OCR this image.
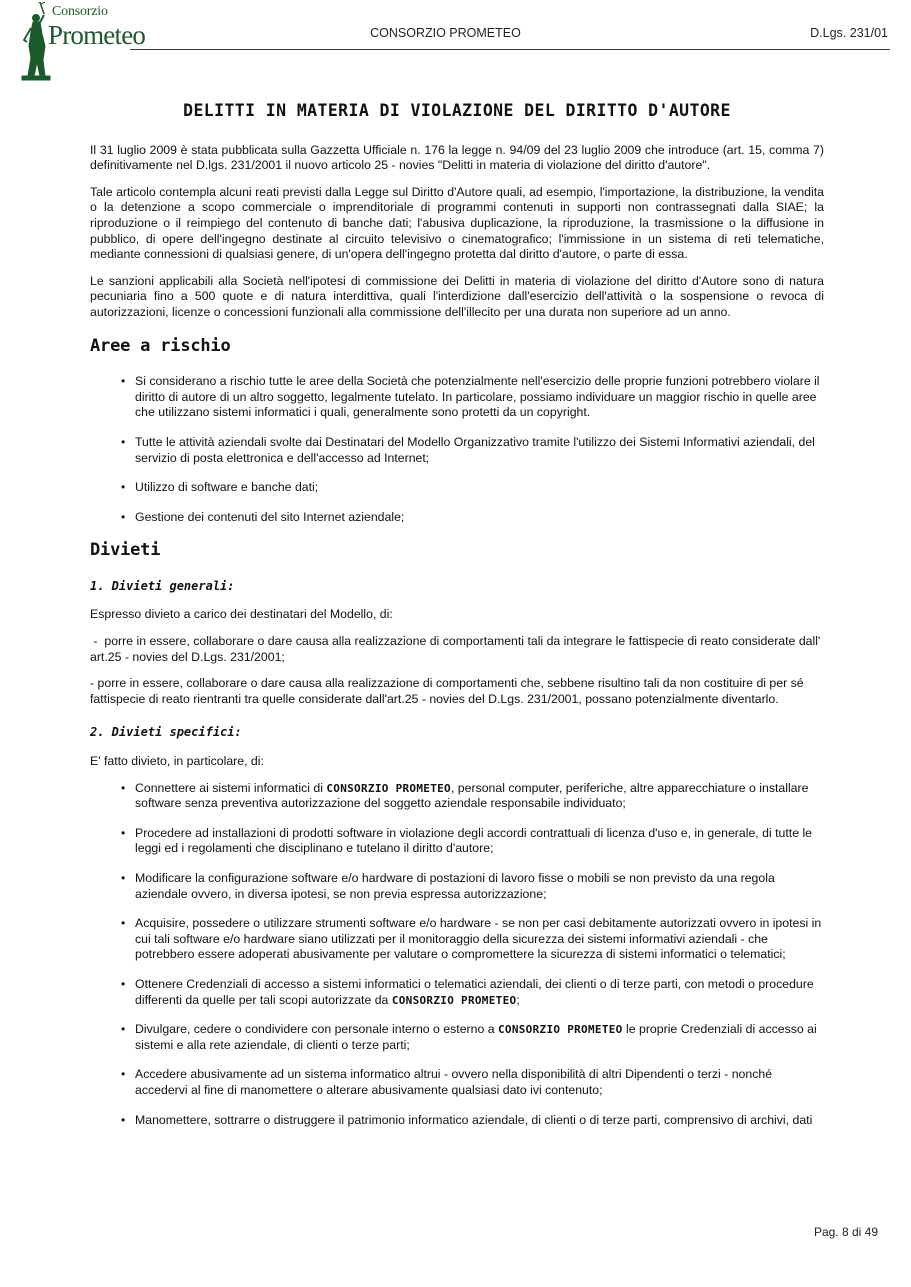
Consorzio
Prometeo	CONSORZIO PROMETEO	D.Lgs. 231/01
DELITTI IN MATERIA DI VIOLAZIONE DEL DIRITTO D'AUTORE

Il 31 luglio 2009 è stata pubblicata sulla Gazzetta Ufficiale n. 176 la legge n. 94/09 del 23 luglio 2009 che introduce (art. 15, comma 7) definitivamente nel D.lgs. 231/2001 il nuovo articolo 25 - novies "Delitti in materia di violazione del diritto d'autore".

Tale articolo contempla alcuni reati previsti dalla Legge sul Diritto d'Autore quali, ad esempio, l'importazione, la distribuzione, la vendita o la detenzione a scopo commerciale o imprenditoriale di programmi contenuti in supporti non contrassegnati dalla SIAE; la riproduzione o il reimpiego del contenuto di banche dati; l'abusiva duplicazione, la riproduzione, la trasmissione o la diffusione in pubblico, di opere dell'ingegno destinate al circuito televisivo o cinematografico; l'immissione in un sistema di reti telematiche, mediante connessioni di qualsiasi genere, di un'opera dell'ingegno protetta dal diritto d'autore, o parte di essa.

Le sanzioni applicabili alla Società nell'ipotesi di commissione dei Delitti in materia di violazione del diritto d'Autore sono di natura pecuniaria fino a 500 quote e di natura interdittiva, quali l'interdizione dall'esercizio dell'attività o la sospensione o revoca di autorizzazioni, licenze o concessioni funzionali alla commissione dell'illecito per una durata non superiore ad un anno.

Aree a rischio
• Si considerano a rischio tutte le aree della Società che potenzialmente nell'esercizio delle proprie funzioni potrebbero violare il diritto di autore di un altro soggetto, legalmente tutelato. In particolare, possiamo individuare un maggior rischio in quelle aree che utilizzano sistemi informatici i quali, generalmente sono protetti da un copyright.
• Tutte le attività aziendali svolte dai Destinatari del Modello Organizzativo tramite l'utilizzo dei Sistemi Informativi aziendali, del servizio di posta elettronica e dell'accesso ad Internet;
• Utilizzo di software e banche dati;
• Gestione dei contenuti del sito Internet aziendale;
Divieti
1. Divieti generali:

Espresso divieto a carico dei destinatari del Modello, di:

-  porre in essere, collaborare o dare causa alla realizzazione di comportamenti tali da integrare le fattispecie di reato considerate dall' art.25 - novies del D.Lgs. 231/2001;

- porre in essere, collaborare o dare causa alla realizzazione di comportamenti che, sebbene risultino tali da non costituire di per sé fattispecie di reato rientranti tra quelle considerate dall'art.25 - novies del D.Lgs. 231/2001, possano potenzialmente diventarlo.

2. Divieti specifici:

E' fatto divieto, in particolare, di:

• Connettere ai sistemi informatici di CONSORZIO PROMETEO, personal computer, periferiche, altre apparecchiature o installare software senza preventiva autorizzazione del soggetto aziendale responsabile individuato;
• Procedere ad installazioni di prodotti software in violazione degli accordi contrattuali di licenza d'uso e, in generale, di tutte le leggi ed i regolamenti che disciplinano e tutelano il diritto d'autore;
• Modificare la configurazione software e/o hardware di postazioni di lavoro fisse o mobili se non previsto da una regola aziendale ovvero, in diversa ipotesi, se non previa espressa autorizzazione;
• Acquisire, possedere o utilizzare strumenti software e/o hardware - se non per casi debitamente autorizzati ovvero in ipotesi in cui tali software e/o hardware siano utilizzati per il monitoraggio della sicurezza dei sistemi informativi aziendali - che potrebbero essere adoperati abusivamente per valutare o compromettere la sicurezza di sistemi informatici o telematici;
• Ottenere Credenziali di accesso a sistemi informatici o telematici aziendali, dei clienti o di terze parti, con metodi o procedure differenti da quelle per tali scopi autorizzate da CONSORZIO PROMETEO;
• Divulgare, cedere o condividere con personale interno o esterno a CONSORZIO PROMETEO le proprie Credenziali di accesso ai sistemi e alla rete aziendale, di clienti o terze parti;
• Accedere abusivamente ad un sistema informatico altrui - ovvero nella disponibilità di altri Dipendenti o terzi - nonché accedervi al fine di manomettere o alterare abusivamente qualsiasi dato ivi contenuto;
• Manomettere, sottrarre o distruggere il patrimonio informatico aziendale, di clienti o di terze parti, comprensivo di archivi, dati
Pag. 8 di 49
